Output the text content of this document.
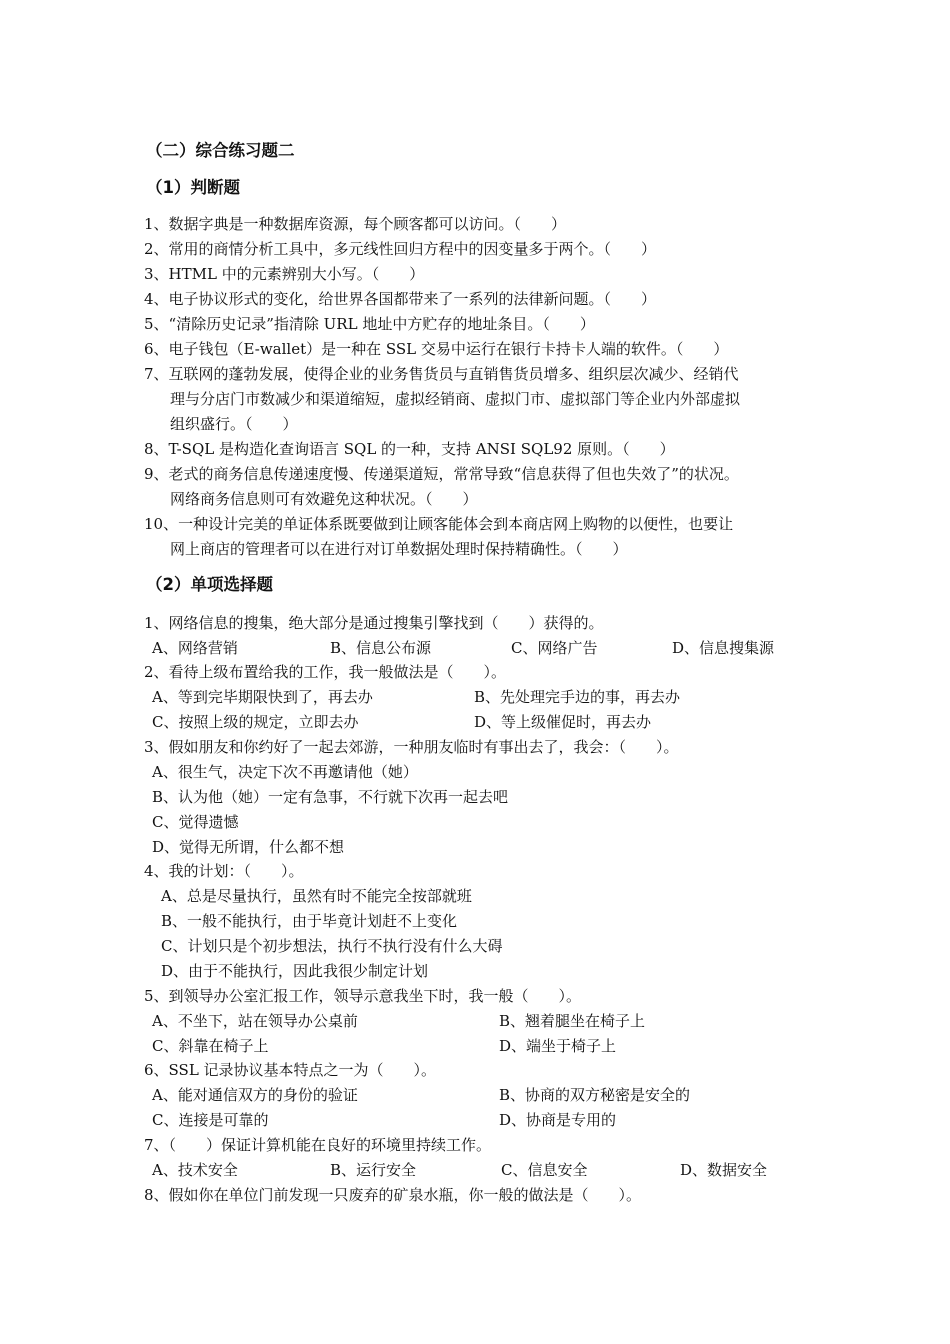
（二）综合练习题二
（1）判断题
1、数据字典是一种数据库资源，每个顾客都可以访问。（　　）
2、常用的商情分析工具中，多元线性回归方程中的因变量多于两个。（　　）
3、HTML 中的元素辨别大小写。（　　）
4、电子协议形式的变化，给世界各国都带来了一系列的法律新问题。（　　）
5、“清除历史记录”指清除 URL 地址中方贮存的地址条目。（　　）
6、电子钱包（E-wallet）是一种在 SSL 交易中运行在银行卡持卡人端的软件。（　　）
7、互联网的蓬勃发展，使得企业的业务售货员与直销售货员增多、组织层次减少、经销代
理与分店门市数减少和渠道缩短，虚拟经销商、虚拟门市、虚拟部门等企业内外部虚拟
组织盛行。（　　）
8、T-SQL 是构造化查询语言 SQL 的一种，支持 ANSI SQL92 原则。（　　）
9、老式的商务信息传递速度慢、传递渠道短，常常导致“信息获得了但也失效了”的状况。
网络商务信息则可有效避免这种状况。（　　）
10、一种设计完美的单证体系既要做到让顾客能体会到本商店网上购物的以便性，也要让
网上商店的管理者可以在进行对订单数据处理时保持精确性。（　　）
（2）单项选择题
1、网络信息的搜集，绝大部分是通过搜集引擎找到（　　）获得的。
A、网络营销	B、信息公布源	C、网络广告	D、信息搜集源
2、看待上级布置给我的工作，我一般做法是（　　）。
A、等到完毕期限快到了，再去办	B、先处理完手边的事，再去办
C、按照上级的规定，立即去办	D、等上级催促时，再去办
3、假如朋友和你约好了一起去郊游，一种朋友临时有事出去了，我会：（　　）。
A、很生气，决定下次不再邀请他（她）
B、认为他（她）一定有急事，不行就下次再一起去吧
C、觉得遗憾
D、觉得无所谓，什么都不想
4、我的计划：（　　）。
A、总是尽量执行，虽然有时不能完全按部就班
B、一般不能执行，由于毕竟计划赶不上变化
C、计划只是个初步想法，执行不执行没有什么大碍
D、由于不能执行，因此我很少制定计划
5、到领导办公室汇报工作，领导示意我坐下时，我一般（　　）。
A、不坐下，站在领导办公桌前	B、翘着腿坐在椅子上
C、斜靠在椅子上	D、端坐于椅子上
6、SSL 记录协议基本特点之一为（　　）。
A、能对通信双方的身份的验证	B、协商的双方秘密是安全的
C、连接是可靠的	D、协商是专用的
7、（　　）保证计算机能在良好的环境里持续工作。
A、技术安全	B、运行安全	C、信息安全	D、数据安全
8、假如你在单位门前发现一只废弃的矿泉水瓶，你一般的做法是（　　）。
